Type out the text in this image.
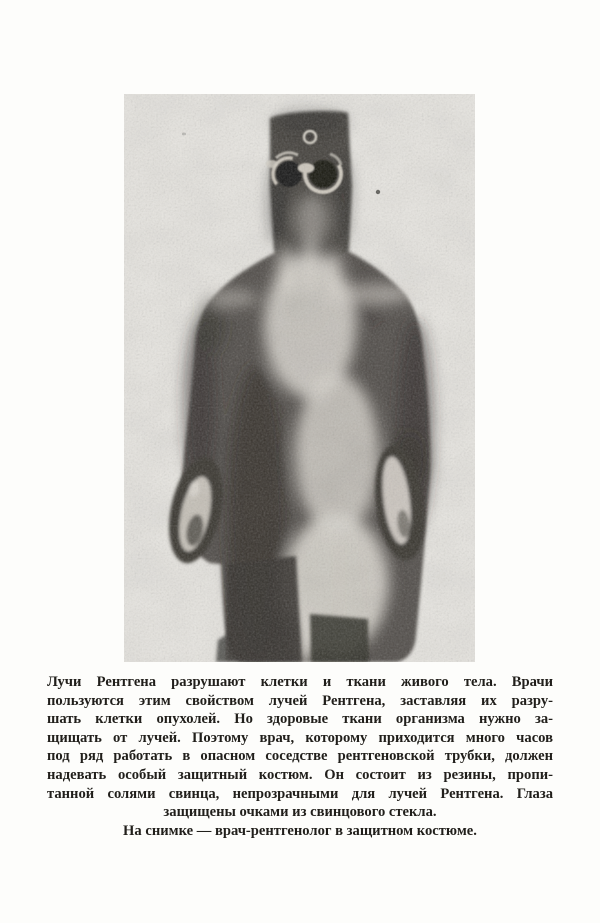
Лучи Рентгена разрушают клетки и ткани живого тела. Врачи
пользуются этим свойством лучей Рентгена, заставляя их разру-
шать клетки опухолей. Но здоровые ткани организма нужно за-
щищать от лучей. Поэтому врач, которому приходится много часов
под ряд работать в опасном соседстве рентгеновской трубки, должен
надевать особый защитный костюм. Он состоит из резины, пропи-
танной солями свинца, непрозрачными для лучей Рентгена. Глаза
защищены очками из свинцового стекла.
На снимке — врач-рентгенолог в защитном костюме.
